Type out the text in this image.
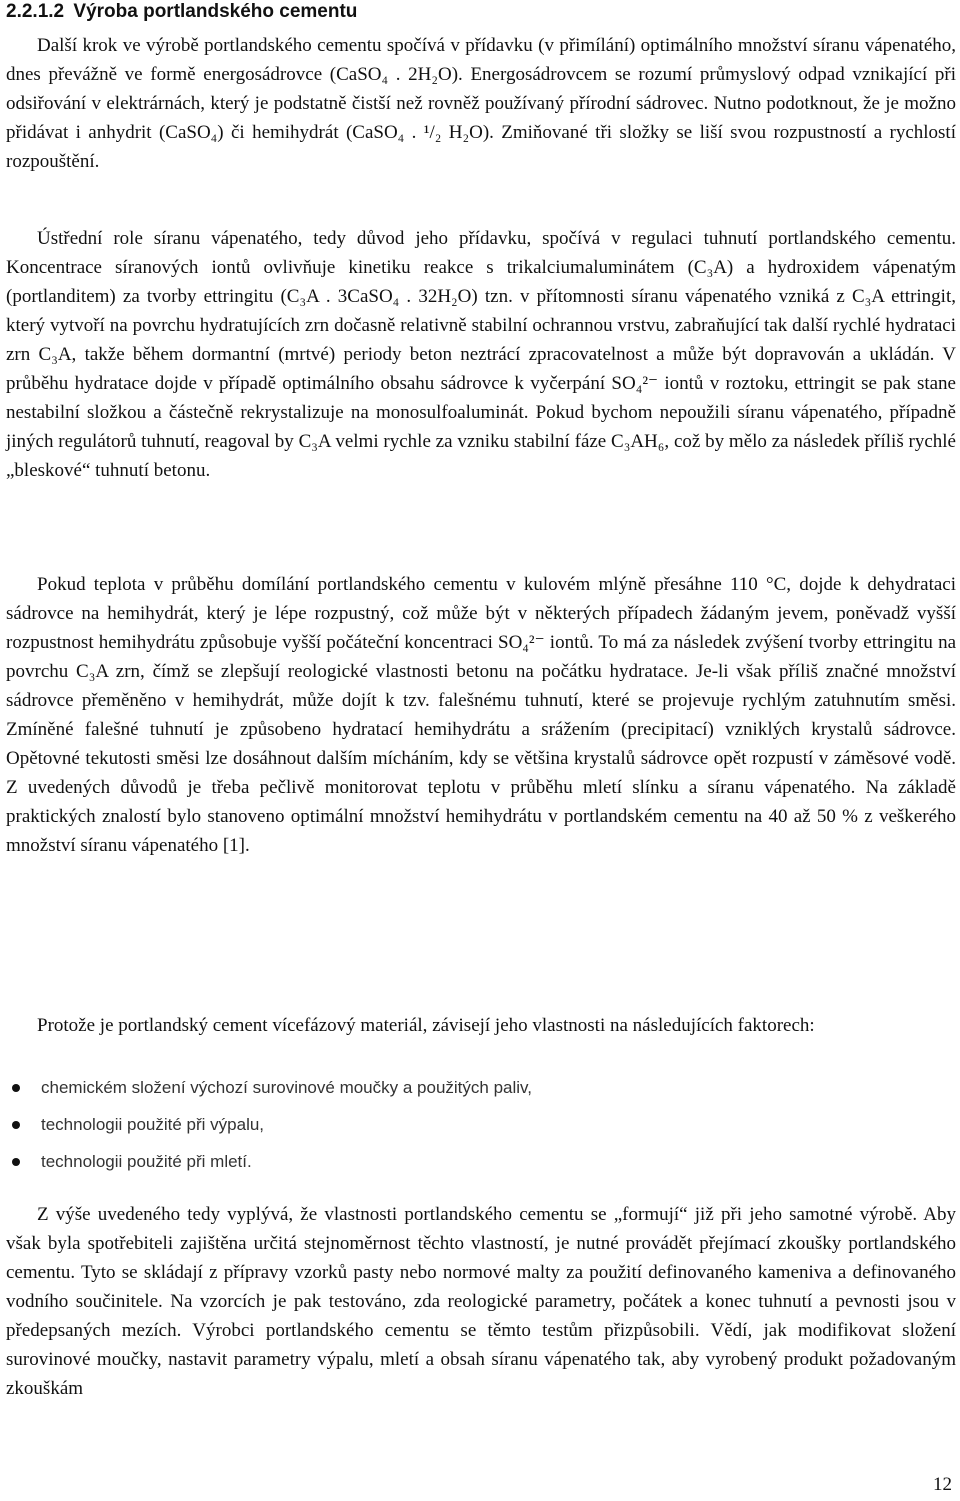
2.2.1.2 Výroba portlandského cementu

Další krok ve výrobě portlandského cementu spočívá v přídavku (v přimílání) optimálního množství síranu vápenatého, dnes převážně ve formě energosádrovce (CaSO₄ . 2H₂O). Energosádrovcem se rozumí průmyslový odpad vznikající při odsiřování v elektrárnách, který je podstatně čistší než rovněž používaný přírodní sádrovec. Nutno podotknout, že je možno přidávat i anhydrit (CaSO₄) či hemihydrát (CaSO₄ . ¹/₂ H₂O). Zmiňované tři složky se liší svou rozpustností a rychlostí rozpouštění.

Ústřední role síranu vápenatého, tedy důvod jeho přídavku, spočívá v regulaci tuhnutí portlandského cementu. Koncentrace síranových iontů ovlivňuje kinetiku reakce s trikalciumaluminátem (C₃A) a hydroxidem vápenatým (portlanditem) za tvorby ettringitu (C₃A . 3CaSO₄ . 32H₂O) tzn. v přítomnosti síranu vápenatého vzniká z C₃A ettringit, který vytvoří na povrchu hydratujících zrn dočasně relativně stabilní ochrannou vrstvu, zabraňující tak další rychlé hydrataci zrn C₃A, takže během dormantní (mrtvé) periody beton neztrácí zpracovatelnost a může být dopravován a ukládán. V průběhu hydratace dojde v případě optimálního obsahu sádrovce k vyčerpání SO₄²⁻ iontů v roztoku, ettringit se pak stane nestabilní složkou a částečně rekrystalizuje na monosulfoaluminát. Pokud bychom nepoužili síranu vápenatého, případně jiných regulátorů tuhnutí, reagoval by C₃A velmi rychle za vzniku stabilní fáze C₃AH₆, což by mělo za následek příliš rychlé „bleskové“ tuhnutí betonu.

Pokud teplota v průběhu domílání portlandského cementu v kulovém mlýně přesáhne 110 °C, dojde k dehydrataci sádrovce na hemihydrát, který je lépe rozpustný, což může být v některých případech žádaným jevem, poněvadž vyšší rozpustnost hemihydrátu způsobuje vyšší počáteční koncentraci SO₄²⁻ iontů. To má za následek zvýšení tvorby ettringitu na povrchu C₃A zrn, čímž se zlepšují reologické vlastnosti betonu na počátku hydratace. Je-li však příliš značné množství sádrovce přeměněno v hemihydrát, může dojít k tzv. falešnému tuhnutí, které se projevuje rychlým zatuhnutím směsi. Zmíněné falešné tuhnutí je způsobeno hydratací hemihydrátu a srážením (precipitací) vzniklých krystalů sádrovce. Opětovné tekutosti směsi lze dosáhnout dalším mícháním, kdy se většina krystalů sádrovce opět rozpustí v záměsové vodě. Z uvedených důvodů je třeba pečlivě monitorovat teplotu v průběhu mletí slínku a síranu vápenatého. Na základě praktických znalostí bylo stanoveno optimální množství hemihydrátu v portlandském cementu na 40 až 50 % z veškerého množství síranu vápenatého [1].

Protože je portlandský cement vícefázový materiál, závisejí jeho vlastnosti na následujících faktorech:

chemickém složení výchozí surovinové moučky a použitých paliv,
technologii použité při výpalu,
technologii použité při mletí.

Z výše uvedeného tedy vyplývá, že vlastnosti portlandského cementu se „formují“ již při jeho samotné výrobě. Aby však byla spotřebiteli zajištěna určitá stejnoměrnost těchto vlastností, je nutné provádět přejímací zkoušky portlandského cementu. Tyto se skládají z přípravy vzorků pasty nebo normové malty za použití definovaného kameniva a definovaného vodního součinitele. Na vzorcích je pak testováno, zda reologické parametry, počátek a konec tuhnutí a pevnosti jsou v předepsaných mezích. Výrobci portlandského cementu se těmto testům přizpůsobili. Vědí, jak modifikovat složení surovinové moučky, nastavit parametry výpalu, mletí a obsah síranu vápenatého tak, aby vyrobený produkt požadovaným zkouškám

12
